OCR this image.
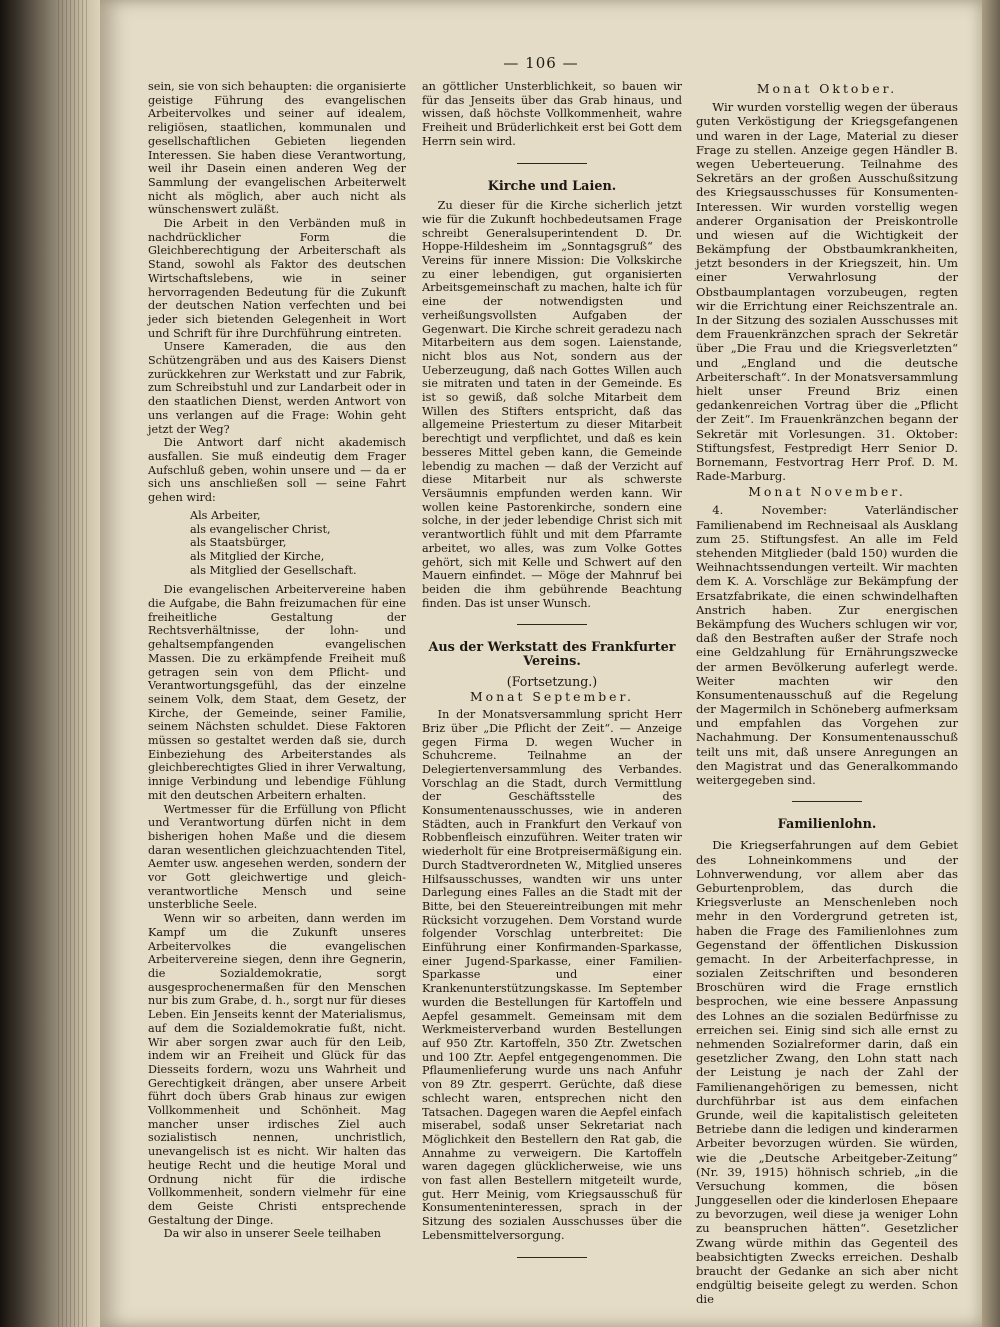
— 106 —

sein, sie von sich behaupten: die organisierte geistige Führung des evangelischen Arbeitervolkes und seiner auf idealem, religiösen, staatlichen, kommunalen und gesellschaftlichen Gebieten liegenden Interessen. Sie haben diese Verantwortung, weil ihr Dasein einen anderen Weg der Sammlung der evangelischen Arbeiterwelt nicht als möglich, aber auch nicht als wünschenswert zuläßt.

Die Arbeit in den Verbänden muß in nachdrücklicher Form die Gleichberechtigung der Arbeiterschaft als Stand, sowohl als Faktor des deutschen Wirtschaftslebens, wie in seiner hervorragenden Bedeutung für die Zukunft der deutschen Nation verfechten und bei jeder sich bietenden Gelegenheit in Wort und Schrift für ihre Durchführung eintreten.

Unsere Kameraden, die aus den Schützengräben und aus des Kaisers Dienst zurückkehren zur Werkstatt und zur Fabrik, zum Schreibstuhl und zur Landarbeit oder in den staatlichen Dienst, werden Antwort von uns verlangen auf die Frage: Wohin geht jetzt der Weg?

Die Antwort darf nicht akademisch ausfallen. Sie muß eindeutig dem Frager Aufschluß geben, wohin unsere und — da er sich uns anschließen soll — seine Fahrt gehen wird:

Als Arbeiter,
als evangelischer Christ,
als Staatsbürger,
als Mitglied der Kirche,
als Mitglied der Gesellschaft.

Die evangelischen Arbeitervereine haben die Aufgabe, die Bahn freizumachen für eine freiheitliche Gestaltung der Rechtsverhältnisse, der lohn- und gehaltsempfangenden evangelischen Massen. Die zu erkämpfende Freiheit muß getragen sein von dem Pflicht- und Verantwortungsgefühl, das der einzelne seinem Volk, dem Staat, dem Gesetz, der Kirche, der Gemeinde, seiner Familie, seinem Nächsten schuldet. Diese Faktoren müssen so gestaltet werden daß sie, durch Einbeziehung des Arbeiterstandes als gleichberechtigtes Glied in ihrer Verwaltung, innige Verbindung und lebendige Fühlung mit den deutschen Arbeitern erhalten.

Wertmesser für die Erfüllung von Pflicht und Verantwortung dürfen nicht in dem bisherigen hohen Maße und die diesem daran wesentlichen gleichzuachtenden Titel, Aemter usw. angesehen werden, sondern der vor Gott gleichwertige und gleich-verantwortliche Mensch und seine unsterbliche Seele.

Wenn wir so arbeiten, dann werden im Kampf um die Zukunft unseres Arbeitervolkes die evangelischen Arbeitervereine siegen, denn ihre Gegnerin, die Sozialdemokratie, sorgt ausgesprochenermaßen für den Menschen nur bis zum Grabe, d. h., sorgt nur für dieses Leben. Ein Jenseits kennt der Materialismus, auf dem die Sozialdemokratie fußt, nicht. Wir aber sorgen zwar auch für den Leib, indem wir an Freiheit und Glück für das Diesseits fordern, wozu uns Wahrheit und Gerechtigkeit drängen, aber unsere Arbeit führt doch übers Grab hinaus zur ewigen Vollkommenheit und Schönheit. Mag mancher unser irdisches Ziel auch sozialistisch nennen, unchristlich, unevangelisch ist es nicht. Wir halten das heutige Recht und die heutige Moral und Ordnung nicht für die irdische Vollkommenheit, sondern vielmehr für eine dem Geiste Christi entsprechende Gestaltung der Dinge.

Da wir also in unserer Seele teilhaben

an göttlicher Unsterblichkeit, so bauen wir für das Jenseits über das Grab hinaus, und wissen, daß höchste Vollkommenheit, wahre Freiheit und Brüderlichkeit erst bei Gott dem Herrn sein wird.

Kirche und Laien.

Zu dieser für die Kirche sicherlich jetzt wie für die Zukunft hochbedeutsamen Frage schreibt Generalsuperintendent D. Dr. Hoppe-Hildesheim im „Sonntagsgruß“ des Vereins für innere Mission: Die Volkskirche zu einer lebendigen, gut organisierten Arbeitsgemeinschaft zu machen, halte ich für eine der notwendigsten und verheißungsvollsten Aufgaben der Gegenwart. Die Kirche schreit geradezu nach Mitarbeitern aus dem sogen. Laienstande, nicht blos aus Not, sondern aus der Ueberzeugung, daß nach Gottes Willen auch sie mitraten und taten in der Gemeinde. Es ist so gewiß, daß solche Mitarbeit dem Willen des Stifters entspricht, daß das allgemeine Priestertum zu dieser Mitarbeit berechtigt und verpflichtet, und daß es kein besseres Mittel geben kann, die Gemeinde lebendig zu machen — daß der Verzicht auf diese Mitarbeit nur als schwerste Versäumnis empfunden werden kann. Wir wollen keine Pastorenkirche, sondern eine solche, in der jeder lebendige Christ sich mit verantwortlich fühlt und mit dem Pfarramte arbeitet, wo alles, was zum Volke Gottes gehört, sich mit Kelle und Schwert auf den Mauern einfindet. — Möge der Mahnruf bei beiden die ihm gebührende Beachtung finden. Das ist unser Wunsch.

Aus der Werkstatt des Frankfurter Vereins.
(Fortsetzung.)
Monat September.

In der Monatsversammlung spricht Herr Briz über „Die Pflicht der Zeit“. — Anzeige gegen Firma D. wegen Wucher in Schuhcreme. Teilnahme an der Delegiertenversammlung des Verbandes. Vorschlag an die Stadt, durch Vermittlung der Geschäftsstelle des Konsumentenausschusses, wie in anderen Städten, auch in Frankfurt den Verkauf von Robbenfleisch einzuführen. Weiter traten wir wiederholt für eine Brotpreisermäßigung ein. Durch Stadtverordneten W., Mitglied unseres Hilfsausschusses, wandten wir uns unter Darlegung eines Falles an die Stadt mit der Bitte, bei den Steuereintreibungen mit mehr Rücksicht vorzugehen. Dem Vorstand wurde folgender Vorschlag unterbreitet: Die Einführung einer Konfirmanden-Sparkasse, einer Jugend-Sparkasse, einer Familien-Sparkasse und einer Krankenunterstützungskasse. Im September wurden die Bestellungen für Kartoffeln und Aepfel gesammelt. Gemeinsam mit dem Werkmeisterverband wurden Bestellungen auf 950 Ztr. Kartoffeln, 350 Ztr. Zwetschen und 100 Ztr. Aepfel entgegengenommen. Die Pflaumenlieferung wurde uns nach Anfuhr von 89 Ztr. gesperrt. Gerüchte, daß diese schlecht waren, entsprechen nicht den Tatsachen. Dagegen waren die Aepfel einfach miserabel, sodaß unser Sekretariat nach Möglichkeit den Bestellern den Rat gab, die Annahme zu verweigern. Die Kartoffeln waren dagegen glücklicherweise, wie uns von fast allen Bestellern mitgeteilt wurde, gut. Herr Meinig, vom Kriegsausschuß für Konsumenteninteressen, sprach in der Sitzung des sozialen Ausschusses über die Lebensmittelversorgung.

Monat Oktober.

Wir wurden vorstellig wegen der überaus guten Verköstigung der Kriegsgefangenen und waren in der Lage, Material zu dieser Frage zu stellen. Anzeige gegen Händler B. wegen Ueberteuerung. Teilnahme des Sekretärs an der großen Ausschußsitzung des Kriegsausschusses für Konsumenten-Interessen. Wir wurden vorstellig wegen anderer Organisation der Preiskontrolle und wiesen auf die Wichtigkeit der Bekämpfung der Obstbaumkrankheiten, jetzt besonders in der Kriegszeit, hin. Um einer Verwahrlosung der Obstbaumplantagen vorzubeugen, regten wir die Errichtung einer Reichszentrale an. In der Sitzung des sozialen Ausschusses mit dem Frauenkränzchen sprach der Sekretär über „Die Frau und die Kriegsverletzten“ und „England und die deutsche Arbeiterschaft“. In der Monatsversammlung hielt unser Freund Briz einen gedankenreichen Vortrag über die „Pflicht der Zeit“. Im Frauenkränzchen begann der Sekretär mit Vorlesungen. 31. Oktober: Stiftungsfest, Festpredigt Herr Senior D. Bornemann, Festvortrag Herr Prof. D. M. Rade-Marburg.

Monat November.

4. November: Vaterländischer Familienabend im Rechneisaal als Ausklang zum 25. Stiftungsfest. An alle im Feld stehenden Mitglieder (bald 150) wurden die Weihnachtssendungen verteilt. Wir machten dem K. A. Vorschläge zur Bekämpfung der Ersatzfabrikate, die einen schwindelhaften Anstrich haben. Zur energischen Bekämpfung des Wuchers schlugen wir vor, daß den Bestraften außer der Strafe noch eine Geldzahlung für Ernährungszwecke der armen Bevölkerung auferlegt werde. Weiter machten wir den Konsumentenausschuß auf die Regelung der Magermilch in Schöneberg aufmerksam und empfahlen das Vorgehen zur Nachahmung. Der Konsumentenausschuß teilt uns mit, daß unsere Anregungen an den Magistrat und das Generalkommando weitergegeben sind.

Familienlohn.

Die Kriegserfahrungen auf dem Gebiet des Lohneinkommens und der Lohnverwendung, vor allem aber das Geburtenproblem, das durch die Kriegsverluste an Menschenleben noch mehr in den Vordergrund getreten ist, haben die Frage des Familienlohnes zum Gegenstand der öffentlichen Diskussion gemacht. In der Arbeiterfachpresse, in sozialen Zeitschriften und besonderen Broschüren wird die Frage ernstlich besprochen, wie eine bessere Anpassung des Lohnes an die sozialen Bedürfnisse zu erreichen sei. Einig sind sich alle ernst zu nehmenden Sozialreformer darin, daß ein gesetzlicher Zwang, den Lohn statt nach der Leistung je nach der Zahl der Familienangehörigen zu bemessen, nicht durchführbar ist aus dem einfachen Grunde, weil die kapitalistisch geleiteten Betriebe dann die ledigen und kinderarmen Arbeiter bevorzugen würden. Sie würden, wie die „Deutsche Arbeitgeber-Zeitung“ (Nr. 39, 1915) höhnisch schrieb, „in die Versuchung kommen, die bösen Junggesellen oder die kinderlosen Ehepaare zu bevorzugen, weil diese ja weniger Lohn zu beanspruchen hätten“. Gesetzlicher Zwang würde mithin das Gegenteil des beabsichtigten Zwecks erreichen. Deshalb braucht der Gedanke an sich aber nicht endgültig beiseite gelegt zu werden. Schon die
